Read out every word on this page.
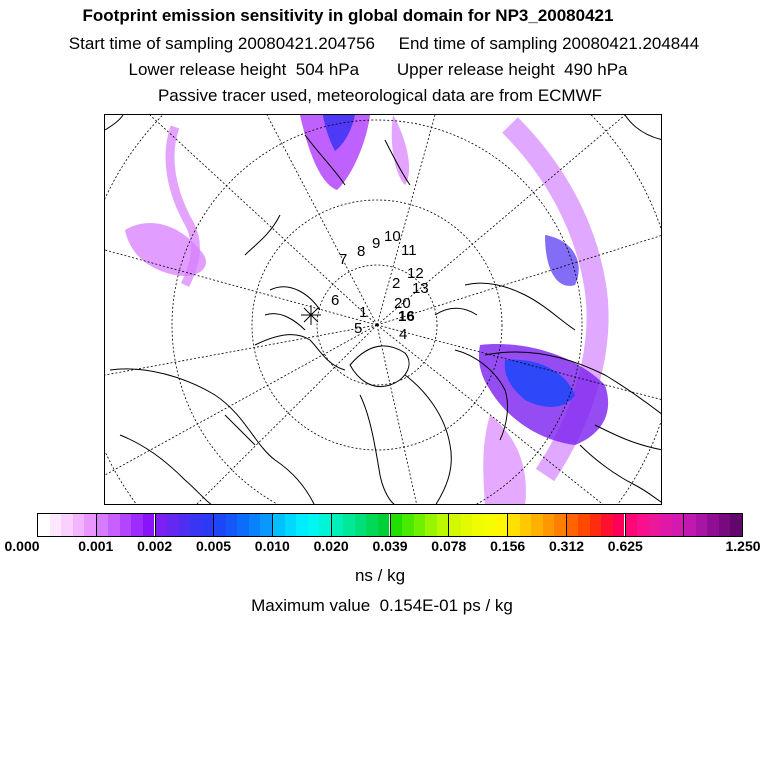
Footprint emission sensitivity in global domain for NP3_20080421
Start time of sampling 20080421.204756     End time of sampling 20080421.204844
Lower release height  504 hPa        Upper release height  490 hPa
Passive tracer used, meteorological data are from ECMWF
1
2
4
5
6
7 8 9 10
11
12
13
20
16
0.000	0.001 0.002 0.005 0.010 0.020 0.039 0.078 0.156 0.312 0.625	1.250
ns / kg
Maximum value  0.154E-01 ps / kg
